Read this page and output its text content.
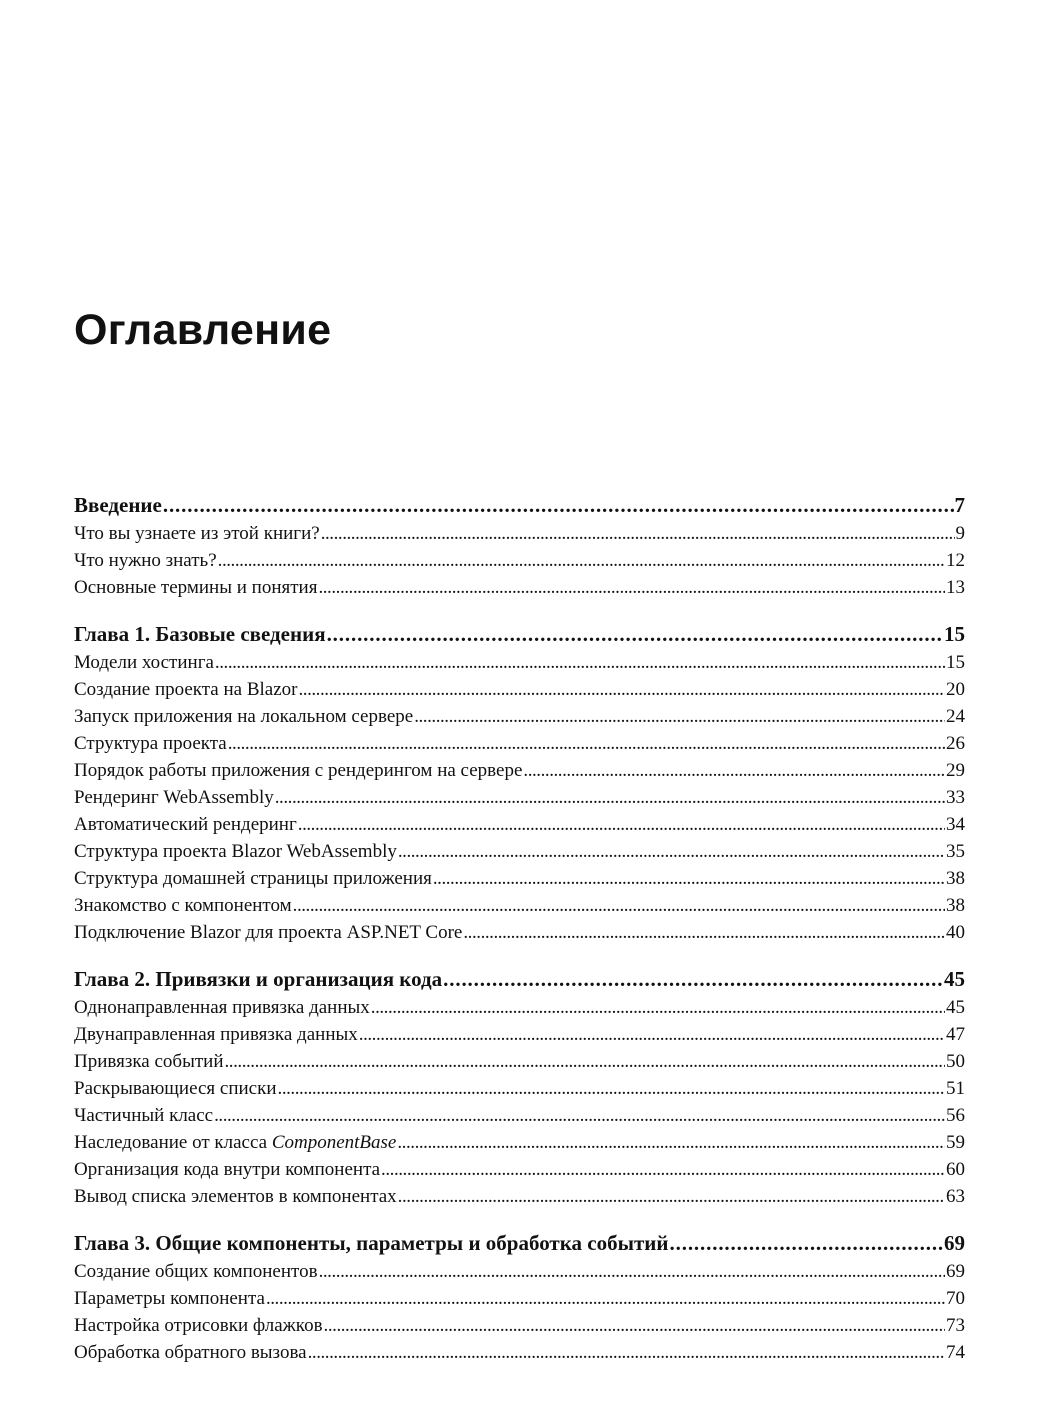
Оглавление
Введение . . .	7
Что вы узнаете из этой книги? . . .	9
Что нужно знать? . . .	12
Основные термины и понятия . . .	13
Глава 1. Базовые сведения . . .	15
Модели хостинга . . .	15
Создание проекта на Blazor . . .	20
Запуск приложения на локальном сервере . . .	24
Структура проекта . . .	26
Порядок работы приложения с рендерингом на сервере . . .	29
Рендеринг WebAssembly . . .	33
Автоматический рендеринг . . .	34
Структура проекта Blazor WebAssembly . . .	35
Структура домашней страницы приложения . . .	38
Знакомство с компонентом . . .	38
Подключение Blazor для проекта ASP.NET Core . . .	40
Глава 2. Привязки и организация кода . . .	45
Однонаправленная привязка данных . . .	45
Двунаправленная привязка данных . . .	47
Привязка событий . . .	50
Раскрывающиеся списки . . .	51
Частичный класс . . .	56
Наследование от класса ComponentBase . . .	59
Организация кода внутри компонента . . .	60
Вывод списка элементов в компонентах . . .	63
Глава 3. Общие компоненты, параметры и обработка событий . . .	69
Создание общих компонентов . . .	69
Параметры компонента . . .	70
Настройка отрисовки флажков . . .	73
Обработка обратного вызова . . .	74
